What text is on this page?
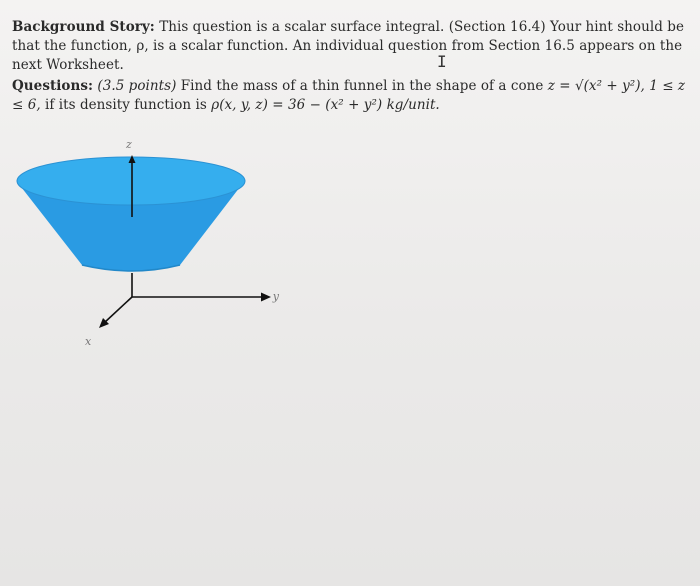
Background Story: This question is a scalar surface integral. (Section 16.4) Your hint should be that the function, ρ, is a scalar function. An individual question from Section 16.5 appears on the next Worksheet.

Questions: (3.5 points) Find the mass of a thin funnel in the shape of a cone z = √(x² + y²), 1 ≤ z ≤ 6, if its density function is ρ(x, y, z) = 36 − (x² + y²) kg/unit.

I
z
y
x
